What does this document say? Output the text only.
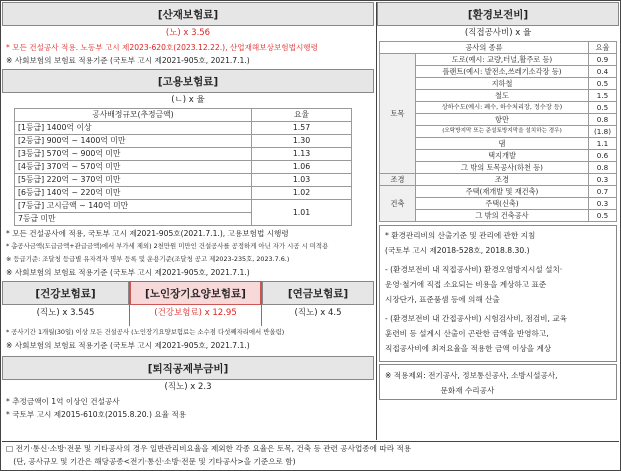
[산재보험료]
(노) x 3.56
* 모든 건설공사 적용. 노동부 고시 제2023-620호(2023.12.22.), 산업재해보상보험법시행령
※ 사회보험의 보험료 적용기준 (국토부 고시 제2021-905호, 2021.7.1.)
[고용보험료]
(ㄴ) x 율
공사배정규모(추정금액)	요율
[1등급] 1400억 이상	1.57
[2등급] 900억 ~ 1400억 미만	1.30
[3등급] 570억 ~ 900억 미만	1.13
[4등급] 370억 ~ 570억 미만	1.06
[5등급] 220억 ~ 370억 미만	1.03
[6등급] 140억 ~ 220억 미만	1.02
[7등급] 고시금액 ~ 140억 미만	1.01
7등급 미만	
* 모든 건설공사에 적용, 국토부 고시 제2021-905호(2021.7.1.), 고용보험법 시행령
* 총공사금액(도급금액+관급금액)에서 부가세 제외) 2천만원 미만인 건설공사를 공정하게 아닌 자가 시공 시 미적용
※ 등급기준: 조달청 등급별 유자격자 명부 등록 및 운용기준(조달청 공고 제2023-235호, 2023.7.6.)
※ 사회보험의 보험료 적용기준 (국토부 고시 제2021-905호, 2021.7.1.)
[건강보험료]
(직노) x 3.545
[노인장기요양보험료]
(건강보험료) x 12.95
[연금보험료]
(직노) x 4.5
* 공사기간 1개월(30일) 이상 모든 건설공사 (노인장기요양보험료는 소수점 다섯째자리에서 반올림)
※ 사회보험의 보험료 적용기준 (국토부 고시 제2021-905호, 2021.7.1.)
[퇴직공제부금비]
(직노) x 2.3
* 추정금액이 1억 이상인 건설공사
* 국토부 고시 제2015-610호(2015.8.20.) 요율 적용
[환경보전비]
(직접공사비) x 율
공사의 종류		요율
토목	도로(예시: 교량,터널,활주로 등)	0.9
	플랜트(예시: 발전소,쓰레기소각장 등)	0.4
	지하철	0.5
	철도	1.5
	상하수도(예시: 폐수, 하수처리장, 정수장 등)	0.5
	항만	0.8
	(오탁방지막 또는 준설토방지막을 설치하는 경우)	(1.8)
	댐	1.1
	택지개발	0.6
	그 밖의 토목공사(하천 등)	0.8
조경	조경	0.3
건축	주택(재개발 및 재건축)	0.7
	주택(신축)	0.3
	그 밖의 건축공사	0.5
* 환경관리비의 산출기준 및 관리에 관한 지침
(국토부 고시 제2018-528호, 2018.8.30.)
- (환경보전비 내 직접공사비) 환경오염방지시설 설치·
운영·철거에 직접 소요되는 비용을 계상하고 표준
시장단가, 표준품셈 등에 의해 산출
- (환경보전비 내 간접공사비) 시험검사비, 점검비, 교육
훈련비 등 설계시 산출이 곤란한 금액을 반영하고,
직접공사비에 최저요율을 적용한 금액 이상을 계상
※ 적용제외: 전기공사, 정보통신공사, 소방시설공사,
문화재 수리공사
□ 전기·통신·소방·전문 및 기타공사의 경우 일반관리비요율을 제외한 각종 요율은 토목, 건축 등 관련 공사업종에 따라 적용
(단, 공사규모 및 기간은 해당공종<전기·통신·소방·전문 및 기타공사>을 기준으로 함)
